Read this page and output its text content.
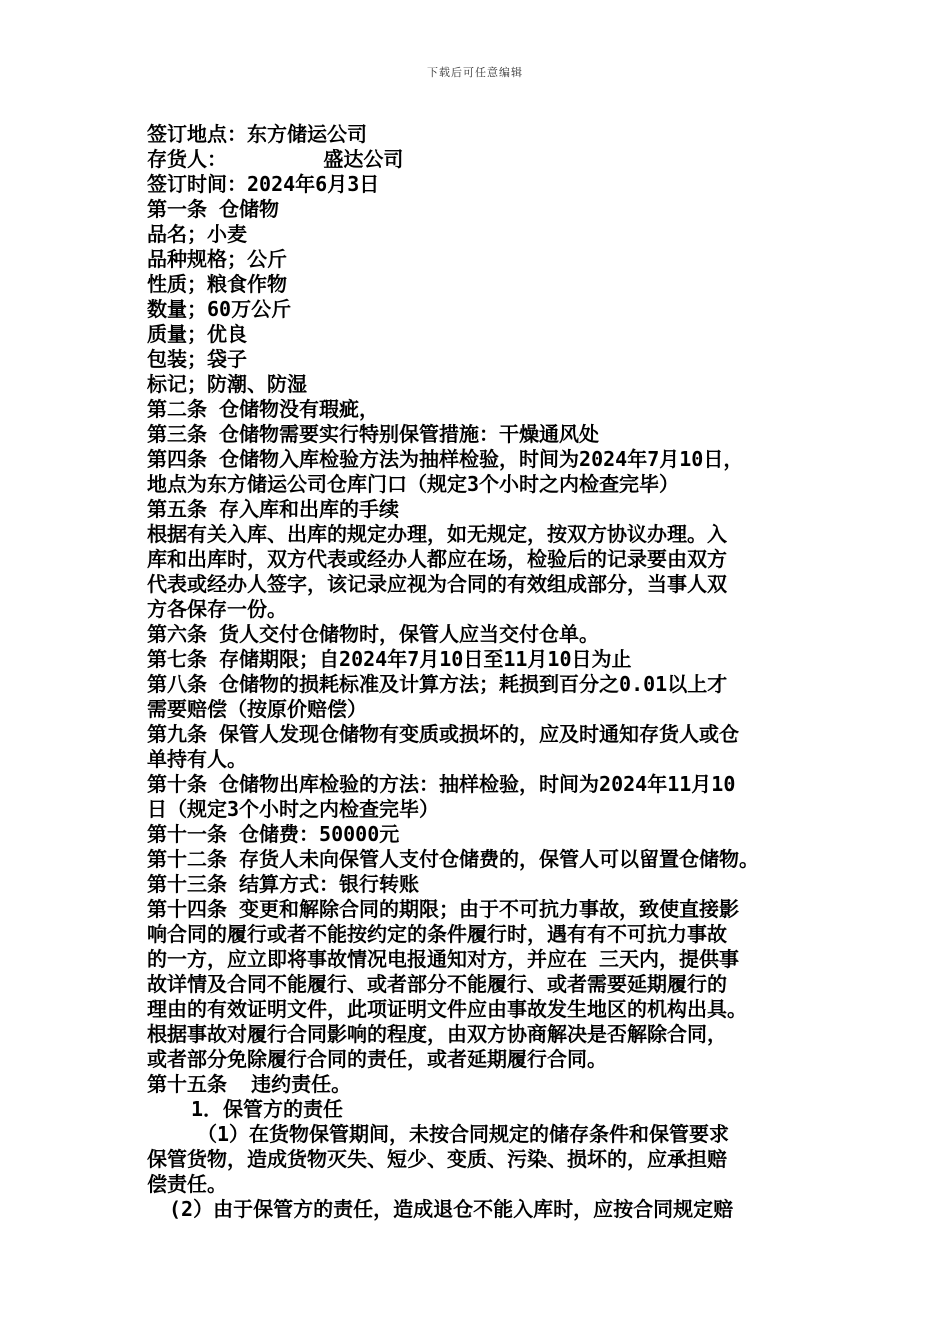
下载后可任意编辑
签订地点：东方储运公司
存货人：        盛达公司
签订时间：2024年6月3日
第一条 仓储物
品名；小麦
品种规格；公斤
性质；粮食作物
数量；60万公斤
质量；优良
包装；袋子
标记；防潮、防湿
第二条 仓储物没有瑕疵，
第三条 仓储物需要实行特别保管措施：干燥通风处
第四条 仓储物入库检验方法为抽样检验，时间为2024年7月10日，
地点为东方储运公司仓库门口（规定3个小时之内检查完毕）
第五条 存入库和出库的手续
根据有关入库、出库的规定办理，如无规定，按双方协议办理。入
库和出库时，双方代表或经办人都应在场，检验后的记录要由双方
代表或经办人签字，该记录应视为合同的有效组成部分，当事人双
方各保存一份。
第六条 货人交付仓储物时，保管人应当交付仓单。
第七条 存储期限；自2024年7月10日至11月10日为止
第八条 仓储物的损耗标准及计算方法；耗损到百分之0.01以上才
需要赔偿（按原价赔偿）
第九条 保管人发现仓储物有变质或损坏的，应及时通知存货人或仓
单持有人。
第十条 仓储物出库检验的方法：抽样检验，时间为2024年11月10
日（规定3个小时之内检查完毕）
第十一条 仓储费：50000元
第十二条 存货人未向保管人支付仓储费的，保管人可以留置仓储物。
第十三条 结算方式：银行转账
第十四条 变更和解除合同的期限；由于不可抗力事故，致使直接影
响合同的履行或者不能按约定的条件履行时，遇有有不可抗力事故
的一方，应立即将事故情况电报通知对方，并应在 三天内，提供事
故详情及合同不能履行、或者部分不能履行、或者需要延期履行的
理由的有效证明文件，此项证明文件应由事故发生地区的机构出具。
根据事故对履行合同影响的程度，由双方协商解决是否解除合同，
或者部分免除履行合同的责任，或者延期履行合同。
第十五条  违约责任。
1．保管方的责任
（1）在货物保管期间，未按合同规定的储存条件和保管要求
保管货物，造成货物灭失、短少、变质、污染、损坏的，应承担赔
偿责任。
(2）由于保管方的责任，造成退仓不能入库时，应按合同规定赔
